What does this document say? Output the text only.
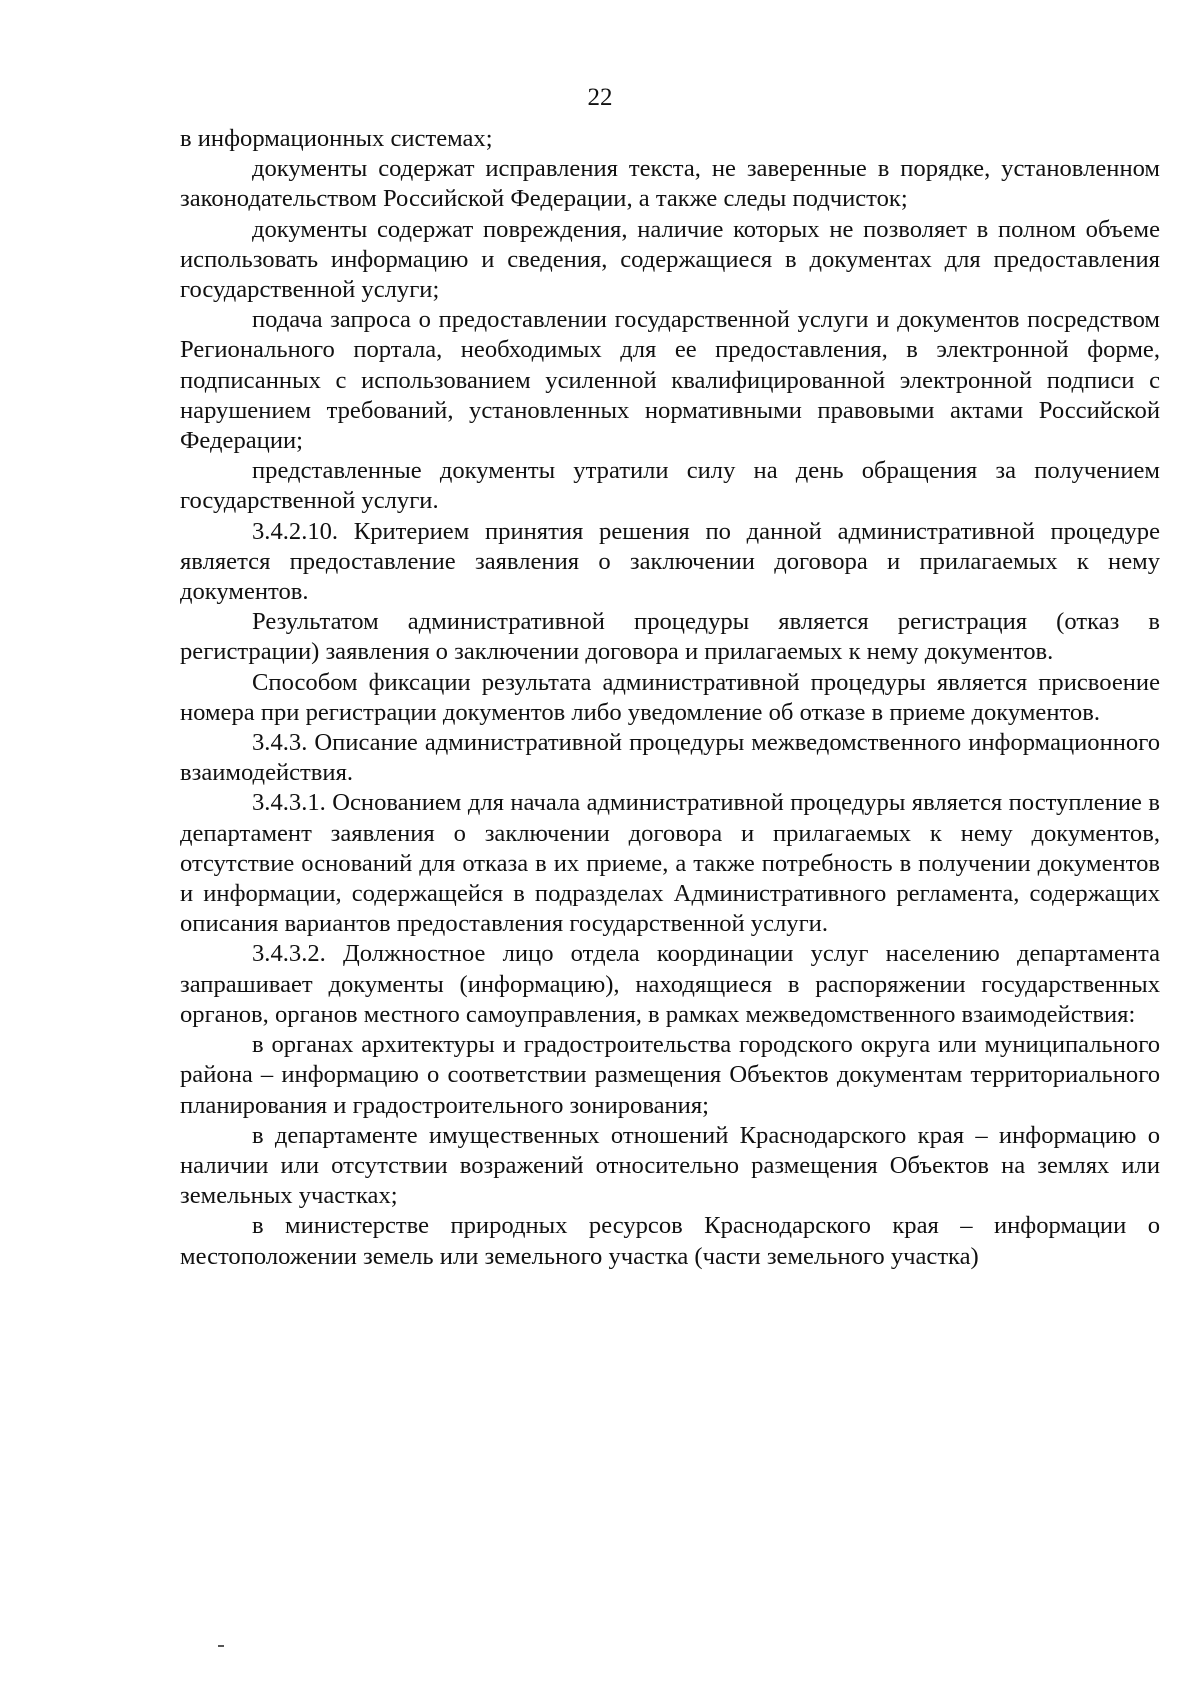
22

в информационных системах;

документы содержат исправления текста, не заверенные в порядке, установленном законодательством Российской Федерации, а также следы подчисток;

документы содержат повреждения, наличие которых не позволяет в полном объеме использовать информацию и сведения, содержащиеся в документах для предоставления государственной услуги;

подача запроса о предоставлении государственной услуги и документов посредством Регионального портала, необходимых для ее предоставления, в электронной форме, подписанных с использованием усиленной квалифицированной электронной подписи с нарушением требований, установленных нормативными правовыми актами Российской Федерации;

представленные документы утратили силу на день обращения за получением государственной услуги.

3.4.2.10. Критерием принятия решения по данной административной процедуре является предоставление заявления о заключении договора и прилагаемых к нему документов.

Результатом административной процедуры является регистрация (отказ в регистрации) заявления о заключении договора и прилагаемых к нему документов.

Способом фиксации результата административной процедуры является присвоение номера при регистрации документов либо уведомление об отказе в приеме документов.

3.4.3. Описание административной процедуры межведомственного информационного взаимодействия.

3.4.3.1. Основанием для начала административной процедуры является поступление в департамент заявления о заключении договора и прилагаемых к нему документов, отсутствие оснований для отказа в их приеме, а также потребность в получении документов и информации, содержащейся в подразделах Административного регламента, содержащих описания вариантов предоставления государственной услуги.

3.4.3.2. Должностное лицо отдела координации услуг населению департамента запрашивает документы (информацию), находящиеся в распоряжении государственных органов, органов местного самоуправления, в рамках межведомственного взаимодействия:

в органах архитектуры и градостроительства городского округа или муниципального района – информацию о соответствии размещения Объектов документам территориального планирования и градостроительного зонирования;

в департаменте имущественных отношений Краснодарского края – информацию о наличии или отсутствии возражений относительно размещения Объектов на землях или земельных участках;

в министерстве природных ресурсов Краснодарского края – информации о местоположении земель или земельного участка (части земельного участка)
